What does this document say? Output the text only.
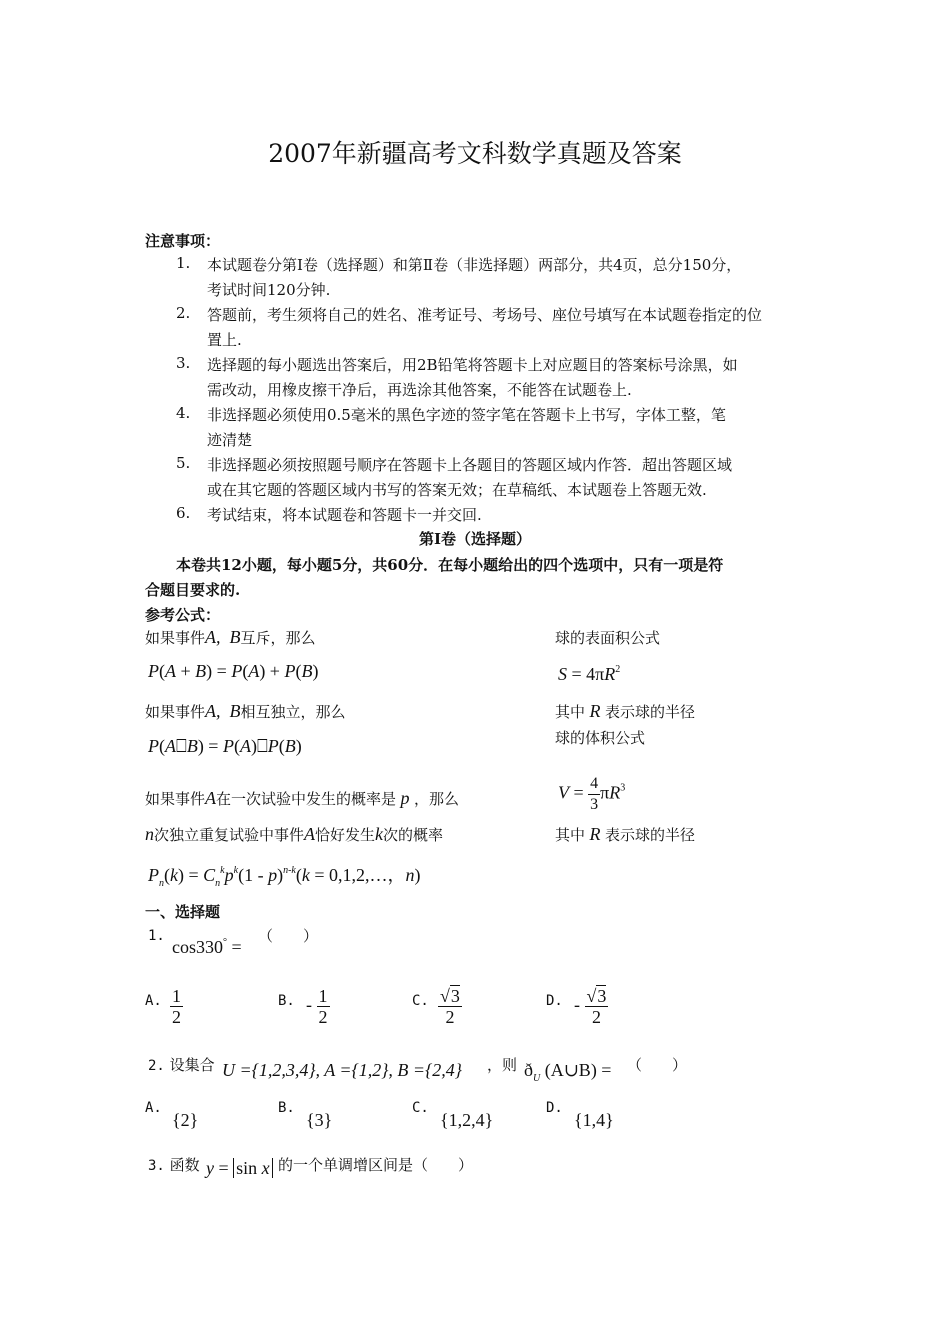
2007年新疆高考文科数学真题及答案
注意事项：
1. 本试题卷分第Ⅰ卷（选择题）和第Ⅱ卷（非选择题）两部分，共4页，总分150分，
考试时间120分钟.
2. 答题前，考生须将自己的姓名、准考证号、考场号、座位号填写在本试题卷指定的位
置上.
3. 选择题的每小题选出答案后，用2B铅笔将答题卡上对应题目的答案标号涂黑，如
需改动，用橡皮擦干净后，再选涂其他答案，不能答在试题卷上.
4. 非选择题必须使用0.5毫米的黑色字迹的签字笔在答题卡上书写，字体工整，笔
迹清楚
5. 非选择题必须按照题号顺序在答题卡上各题目的答题区域内作答．超出答题区域
或在其它题的答题区域内书写的答案无效；在草稿纸、本试题卷上答题无效.
6. 考试结束，将本试题卷和答题卡一并交回.
第Ⅰ卷（选择题）
本卷共12小题，每小题5分，共60分．在每小题给出的四个选项中，只有一项是符
合题目要求的.
参考公式：
如果事件A,  B互斥，那么
P(A + B) = P(A) + P(B)
如果事件A,  B相互独立，那么
P(A⎕B) = P(A)⎕P(B)
如果事件A在一次试验中发生的概率是 p ，那么
n次独立重复试验中事件A恰好发生k次的概率
$P_n(k) = C_n^kp^k(1 - p)^{n-k}(k$ = 0,1,2,…，n)
球的表面积公式
$S = 4\pi R^2$
其中 R 表示球的半径
球的体积公式
$V = \frac{4}{3} \pi R^3$
其中 R 表示球的半径
一、选择题
1.
cos330° =
（　　）
A. $\frac{1}{2}$	B. - $\frac{1}{2}$	C. $\frac{√3}{2}$	D. - $\frac{√3}{2}$
2. 设集合 U ={1,2,3,4}, A ={1,2}, B ={2,4} ，则 $ð_U$ (A∪B) = （　　）
A.
{2}
B.
{3}
C.
{1,2,4}
D.
{1,4}
3. 函数 y = sin x 的一个单调增区间是（　　）
